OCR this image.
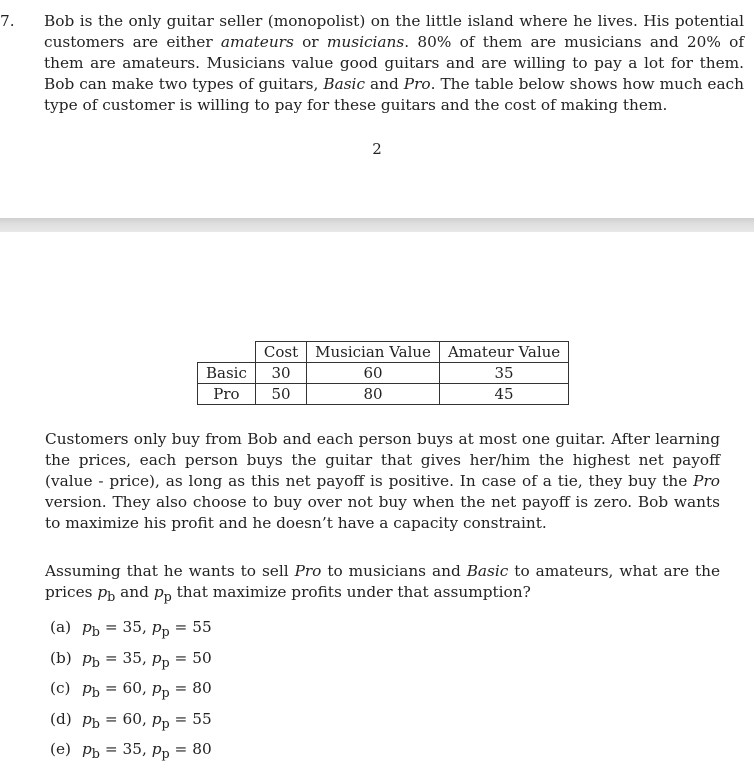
7. Bob is the only guitar seller (monopolist) on the little island where he lives. His potential customers are either amateurs or musicians. 80% of them are musicians and 20% of them are amateurs. Musicians value good guitars and are willing to pay a lot for them. Bob can make two types of guitars, Basic and Pro. The table below shows how much each type of customer is willing to pay for these guitars and the cost of making them.
2
	Cost	Musician Value	Amateur Value
Basic	30	60	35
Pro	50	80	45
Customers only buy from Bob and each person buys at most one guitar. After learning the prices, each person buys the guitar that gives her/him the highest net payoff (value - price), as long as this net payoff is positive. In case of a tie, they buy the Pro version. They also choose to buy over not buy when the net payoff is zero. Bob wants to maximize his profit and he doesn’t have a capacity constraint.
Assuming that he wants to sell Pro to musicians and Basic to amateurs, what are the prices $p_b$ and $p_p$ that maximize profits under that assumption?
(a) $p_b = 35$, $p_p = 55$
(b) $p_b = 35$, $p_p = 50$
(c) $p_b = 60$, $p_p = 80$
(d) $p_b = 60$, $p_p = 55$
(e) $p_b = 35$, $p_p = 80$
